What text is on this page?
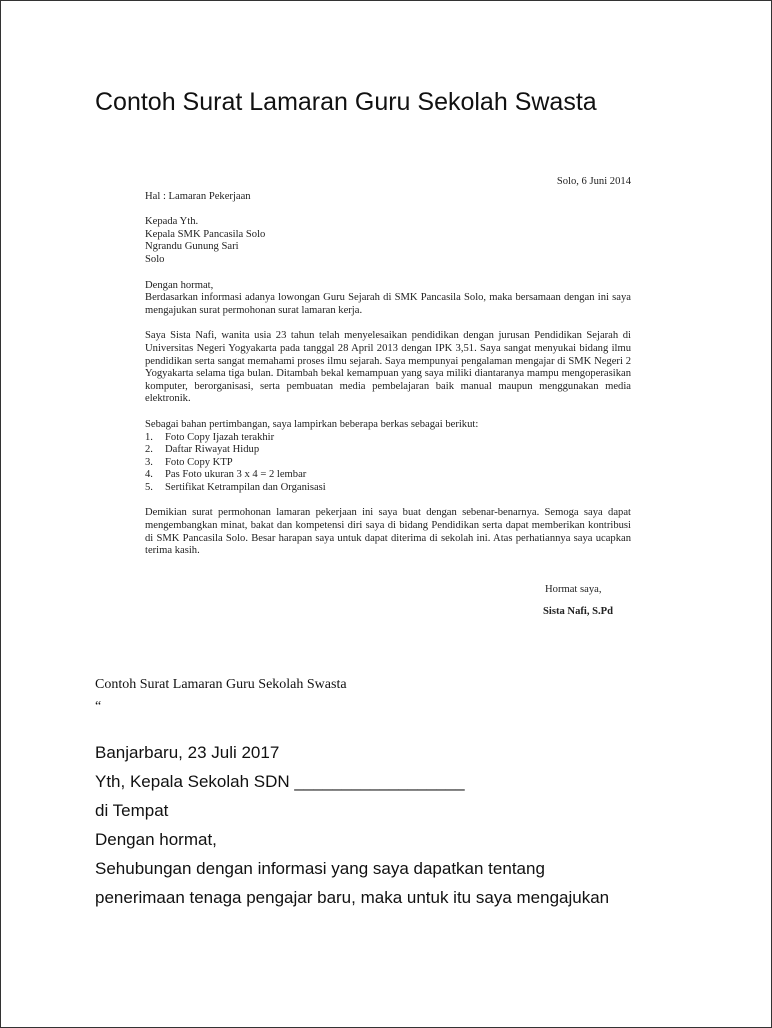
Contoh Surat Lamaran Guru Sekolah Swasta
Solo, 6 Juni 2014
Hal : Lamaran Pekerjaan
Kepada Yth.
Kepala SMK Pancasila Solo
Ngrandu Gunung Sari
Solo
Dengan hormat,

Berdasarkan informasi adanya lowongan Guru Sejarah di SMK Pancasila Solo, maka bersamaan dengan ini saya mengajukan surat permohonan surat lamaran kerja.

Saya Sista Nafi, wanita usia 23 tahun telah menyelesaikan pendidikan dengan jurusan Pendidikan Sejarah di Universitas Negeri Yogyakarta pada tanggal 28 April 2013 dengan IPK 3,51. Saya sangat menyukai bidang ilmu pendidikan serta sangat memahami proses ilmu sejarah. Saya mempunyai pengalaman mengajar di SMK Negeri 2 Yogyakarta selama tiga bulan. Ditambah bekal kemampuan yang saya miliki diantaranya mampu mengoperasikan komputer, berorganisasi, serta pembuatan media pembelajaran baik manual maupun menggunakan media elektronik.

Sebagai bahan pertimbangan, saya lampirkan beberapa berkas sebagai berikut:
1. Foto Copy Ijazah terakhir
2. Daftar Riwayat Hidup
3. Foto Copy KTP
4. Pas Foto ukuran 3 x 4 = 2 lembar
5. Sertifikat Ketrampilan dan Organisasi

Demikian surat permohonan lamaran pekerjaan ini saya buat dengan sebenar-benarnya. Semoga saya dapat mengembangkan minat, bakat dan kompetensi diri saya di bidang Pendidikan serta dapat memberikan kontribusi di SMK Pancasila Solo. Besar harapan saya untuk dapat diterima di sekolah ini. Atas perhatiannya saya ucapkan terima kasih.

Hormat saya,
Sista Nafi, S.Pd
Contoh Surat Lamaran Guru Sekolah Swasta
“
Banjarbaru, 23 Juli 2017
Yth, Kepala Sekolah SDN __________________
di Tempat
Dengan hormat,
Sehubungan dengan informasi yang saya dapatkan tentang
penerimaan tenaga pengajar baru, maka untuk itu saya mengajukan
